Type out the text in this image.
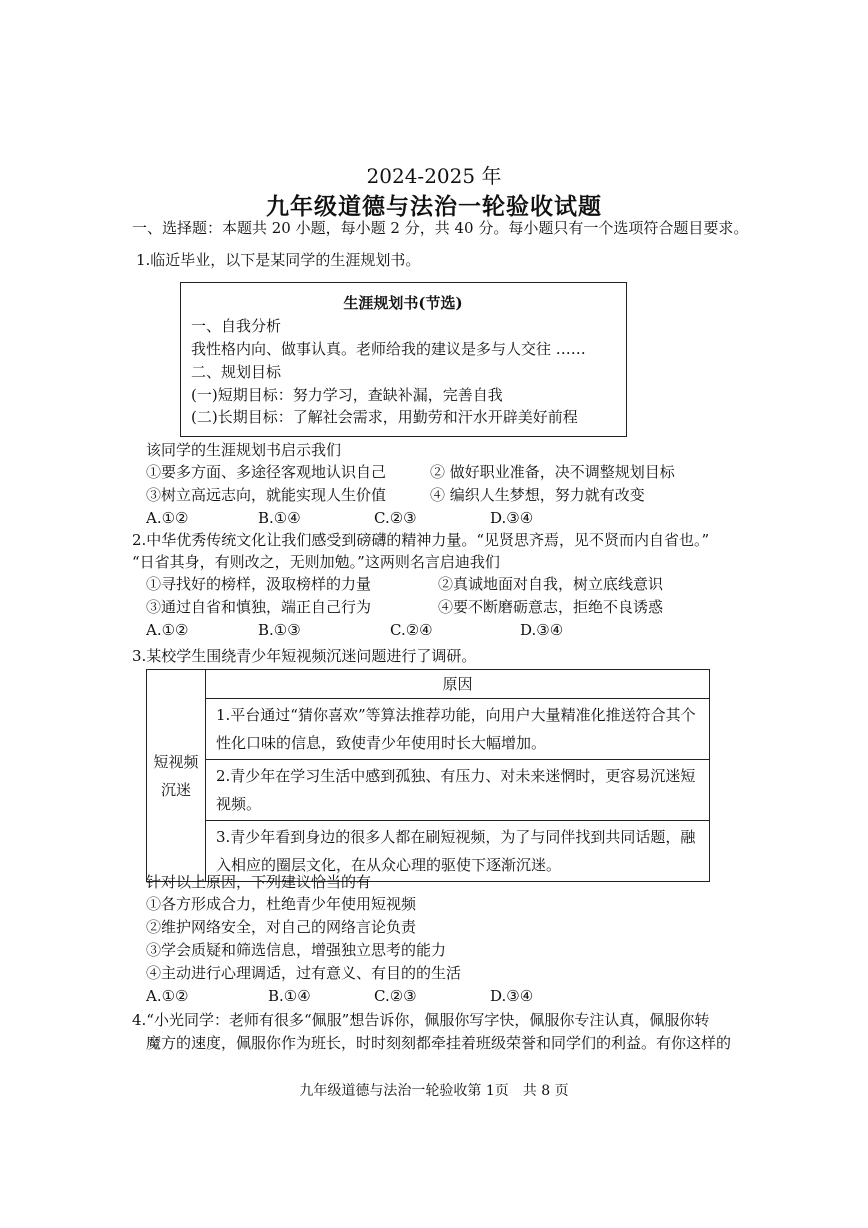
2024-2025 年
九年级道德与法治一轮验收试题
一、选择题：本题共 20 小题，每小题 2 分，共 40 分。每小题只有一个选项符合题目要求。
1.临近毕业，以下是某同学的生涯规划书。
生涯规划书(节选)
一、自我分析
我性格内向、做事认真。老师给我的建议是多与人交往 ……
二、规划目标
(一)短期目标：努力学习，查缺补漏，完善自我
(二)长期目标：了解社会需求，用勤劳和汗水开辟美好前程
该同学的生涯规划书启示我们
①要多方面、多途径客观地认识自己	② 做好职业准备，决不调整规划目标
③树立高远志向，就能实现人生价值	④ 编织人生梦想，努力就有改变
A.①②	B.①④	C.②③	D.③④
2.中华优秀传统文化让我们感受到磅礴的精神力量。“见贤思齐焉，见不贤而内自省也。”
“日省其身，有则改之，无则加勉。”这两则名言启迪我们
①寻找好的榜样，汲取榜样的力量	②真诚地面对自我，树立底线意识
③通过自省和慎独，端正自己行为	④要不断磨砺意志，拒绝不良诱惑
A.①②	B.①③	C.②④	D.③④
3.某校学生围绕青少年短视频沉迷问题进行了调研。
短视频沉迷	原因
1.平台通过“猜你喜欢”等算法推荐功能，向用户大量精准化推送符合其个性化口味的信息，致使青少年使用时长大幅增加。
2.青少年在学习生活中感到孤独、有压力、对未来迷惘时，更容易沉迷短视频。
3.青少年看到身边的很多人都在刷短视频，为了与同伴找到共同话题，融入相应的圈层文化，在从众心理的驱使下逐渐沉迷。
针对以上原因，下列建议恰当的有
①各方形成合力，杜绝青少年使用短视频
②维护网络安全，对自己的网络言论负责
③学会质疑和筛选信息，增强独立思考的能力
④主动进行心理调适，过有意义、有目的的生活
A.①②	B.①④	C.②③	D.③④
4.“小光同学：老师有很多“佩服”想告诉你，佩服你写字快，佩服你专注认真，佩服你转
魔方的速度，佩服你作为班长，时时刻刻都牵挂着班级荣誉和同学们的利益。有你这样的
九年级道德与法治一轮验收第 1页　共 8 页
